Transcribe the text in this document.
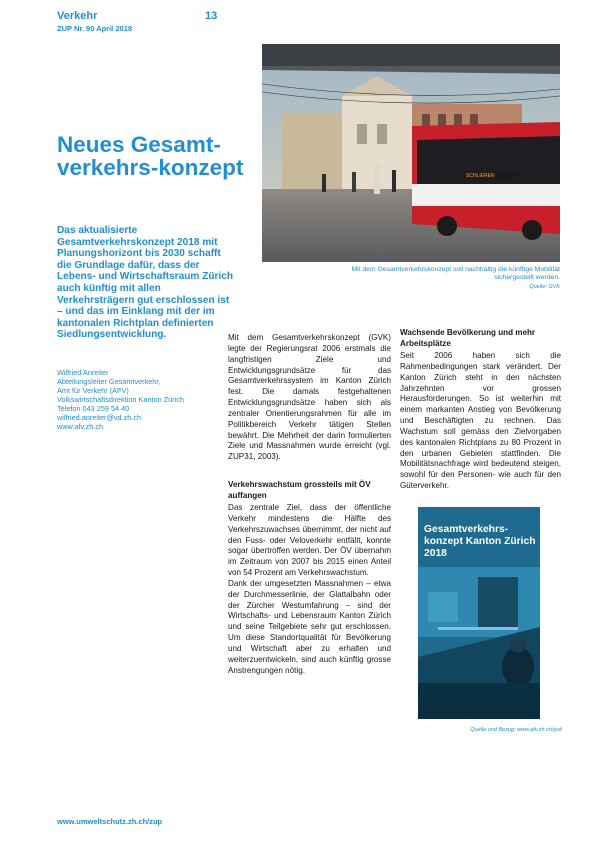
Verkehr
ZUP Nr. 90 April 2018
13
SCHLIEREN
Mit dem Gesamtverkehrskonzept soll nachhaltig die künftige Mobilität sichergestellt werden.
Quelle: GVK
Neues Gesamt-verkehrs-konzept

Das aktualisierte Gesamtverkehrskonzept 2018 mit Planungshorizont bis 2030 schafft die Grundlage dafür, dass der Lebens- und Wirtschaftsraum Zürich auch künftig mit allen Verkehrsträgern gut erschlossen ist – und das im Einklang mit der im kantonalen Richtplan definierten Siedlungsentwicklung.

Wilfried Anreiter
Abteilungsleiter Gesamtverkehr,
Amt für Verkehr (AFV)
Volkswirtschaftsdirektion Kanton Zürich
Telefon 043 259 54 40
wilfried.anreiter@vd.zh.ch
www.afv.zh.ch

Mit dem Gesamtverkehrskonzept (GVK) legte der Regierungsrat 2006 erstmals die langfristigen Ziele und Entwicklungsgrundsätze für das Gesamtverkehrssystem im Kanton Zürich fest. Die damals festgehaltenen Entwicklungsgrundsätze haben sich als zentraler Orientierungsrahmen für alle im Politikbereich Verkehr tätigen Stellen bewährt. Die Mehrheit der darin formulierten Ziele und Massnahmen wurde erreicht (vgl. ZUP31, 2003).

Verkehrswachstum grossteils mit ÖV auffangen

Das zentrale Ziel, dass der öffentliche Verkehr mindestens die Hälfte des Verkehrszuwachses übernimmt, der nicht auf den Fuss- oder Veloverkehr entfällt, konnte sogar übertroffen werden. Der ÖV übernahm im Zeitraum von 2007 bis 2015 einen Anteil von 54 Prozent am Verkehrswachstum.

Dank der umgesetzten Massnahmen – etwa der Durchmesserlinie, der Glattalbahn oder der Zürcher Westumfahrung – sind der Wirtschafts- und Lebensraum Kanton Zürich und seine Teilgebiete sehr gut erschlossen. Um diese Standortqualität für Bevölkerung und Wirtschaft aber zu erhalten und weiterzuentwickeln, sind auch künftig grosse Anstrengungen nötig.

Wachsende Bevölkerung und mehr Arbeitsplätze

Seit 2006 haben sich die Rahmenbedingungen stark verändert. Der Kanton Zürich steht in den nächsten Jahrzehnten vor grossen Herausforderungen. So ist weiterhin mit einem markanten Anstieg von Bevölkerung und Beschäftigten zu rechnen. Das Wachstum soll gemäss den Zielvorgaben des kantonalen Richtplans zu 80 Prozent in den urbanen Gebieten stattfinden. Die Mobilitätsnachfrage wird bedeutend steigen, sowohl für den Personen- wie auch für den Güterverkehr.

Gesamtverkehrs-konzept Kanton Zürich
2018
Quelle und Bezug: www.afv.zh.ch/gvk
www.umweltschutz.zh.ch/zup
